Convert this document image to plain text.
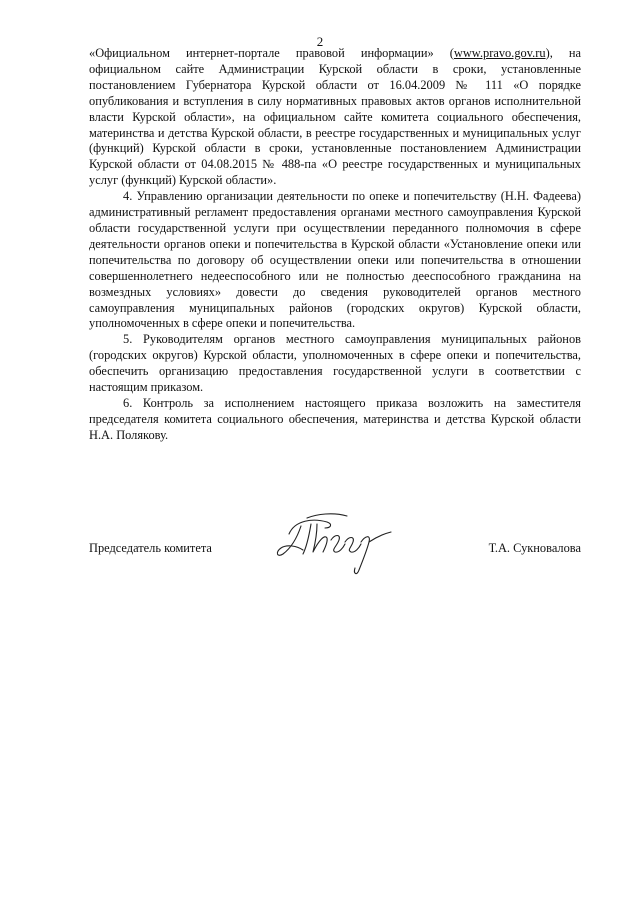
2

«Официальном интернет-портале правовой информации» (www.pravo.gov.ru), на официальном сайте Администрации Курской области в сроки, установленные постановлением Губернатора Курской области от 16.04.2009 № 111 «О порядке опубликования и вступления в силу нормативных правовых актов органов исполнительной власти Курской области», на официальном сайте комитета социального обеспечения, материнства и детства Курской области, в реестре государственных и муниципальных услуг (функций) Курской области в сроки, установленные постановлением Администрации Курской области от 04.08.2015 № 488-па «О реестре государственных и муниципальных услуг (функций) Курской области».

4. Управлению организации деятельности по опеке и попечительству (Н.Н. Фадеева) административный регламент предоставления органами местного самоуправления Курской области государственной услуги при осуществлении переданного полномочия в сфере деятельности органов опеки и попечительства в Курской области «Установление опеки или попечительства по договору об осуществлении опеки или попечительства в отношении совершеннолетнего недееспособного или не полностью дееспособного гражданина на возмездных условиях» довести до сведения руководителей органов местного самоуправления муниципальных районов (городских округов) Курской области, уполномоченных в сфере опеки и попечительства.

5. Руководителям органов местного самоуправления муниципальных районов (городских округов) Курской области, уполномоченных в сфере опеки и попечительства, обеспечить организацию предоставления государственной услуги в соответствии с настоящим приказом.

6. Контроль за исполнением настоящего приказа возложить на заместителя председателя комитета социального обеспечения, материнства и детства Курской области Н.А. Полякову.

Председатель комитета	Т.А. Сукновалова
